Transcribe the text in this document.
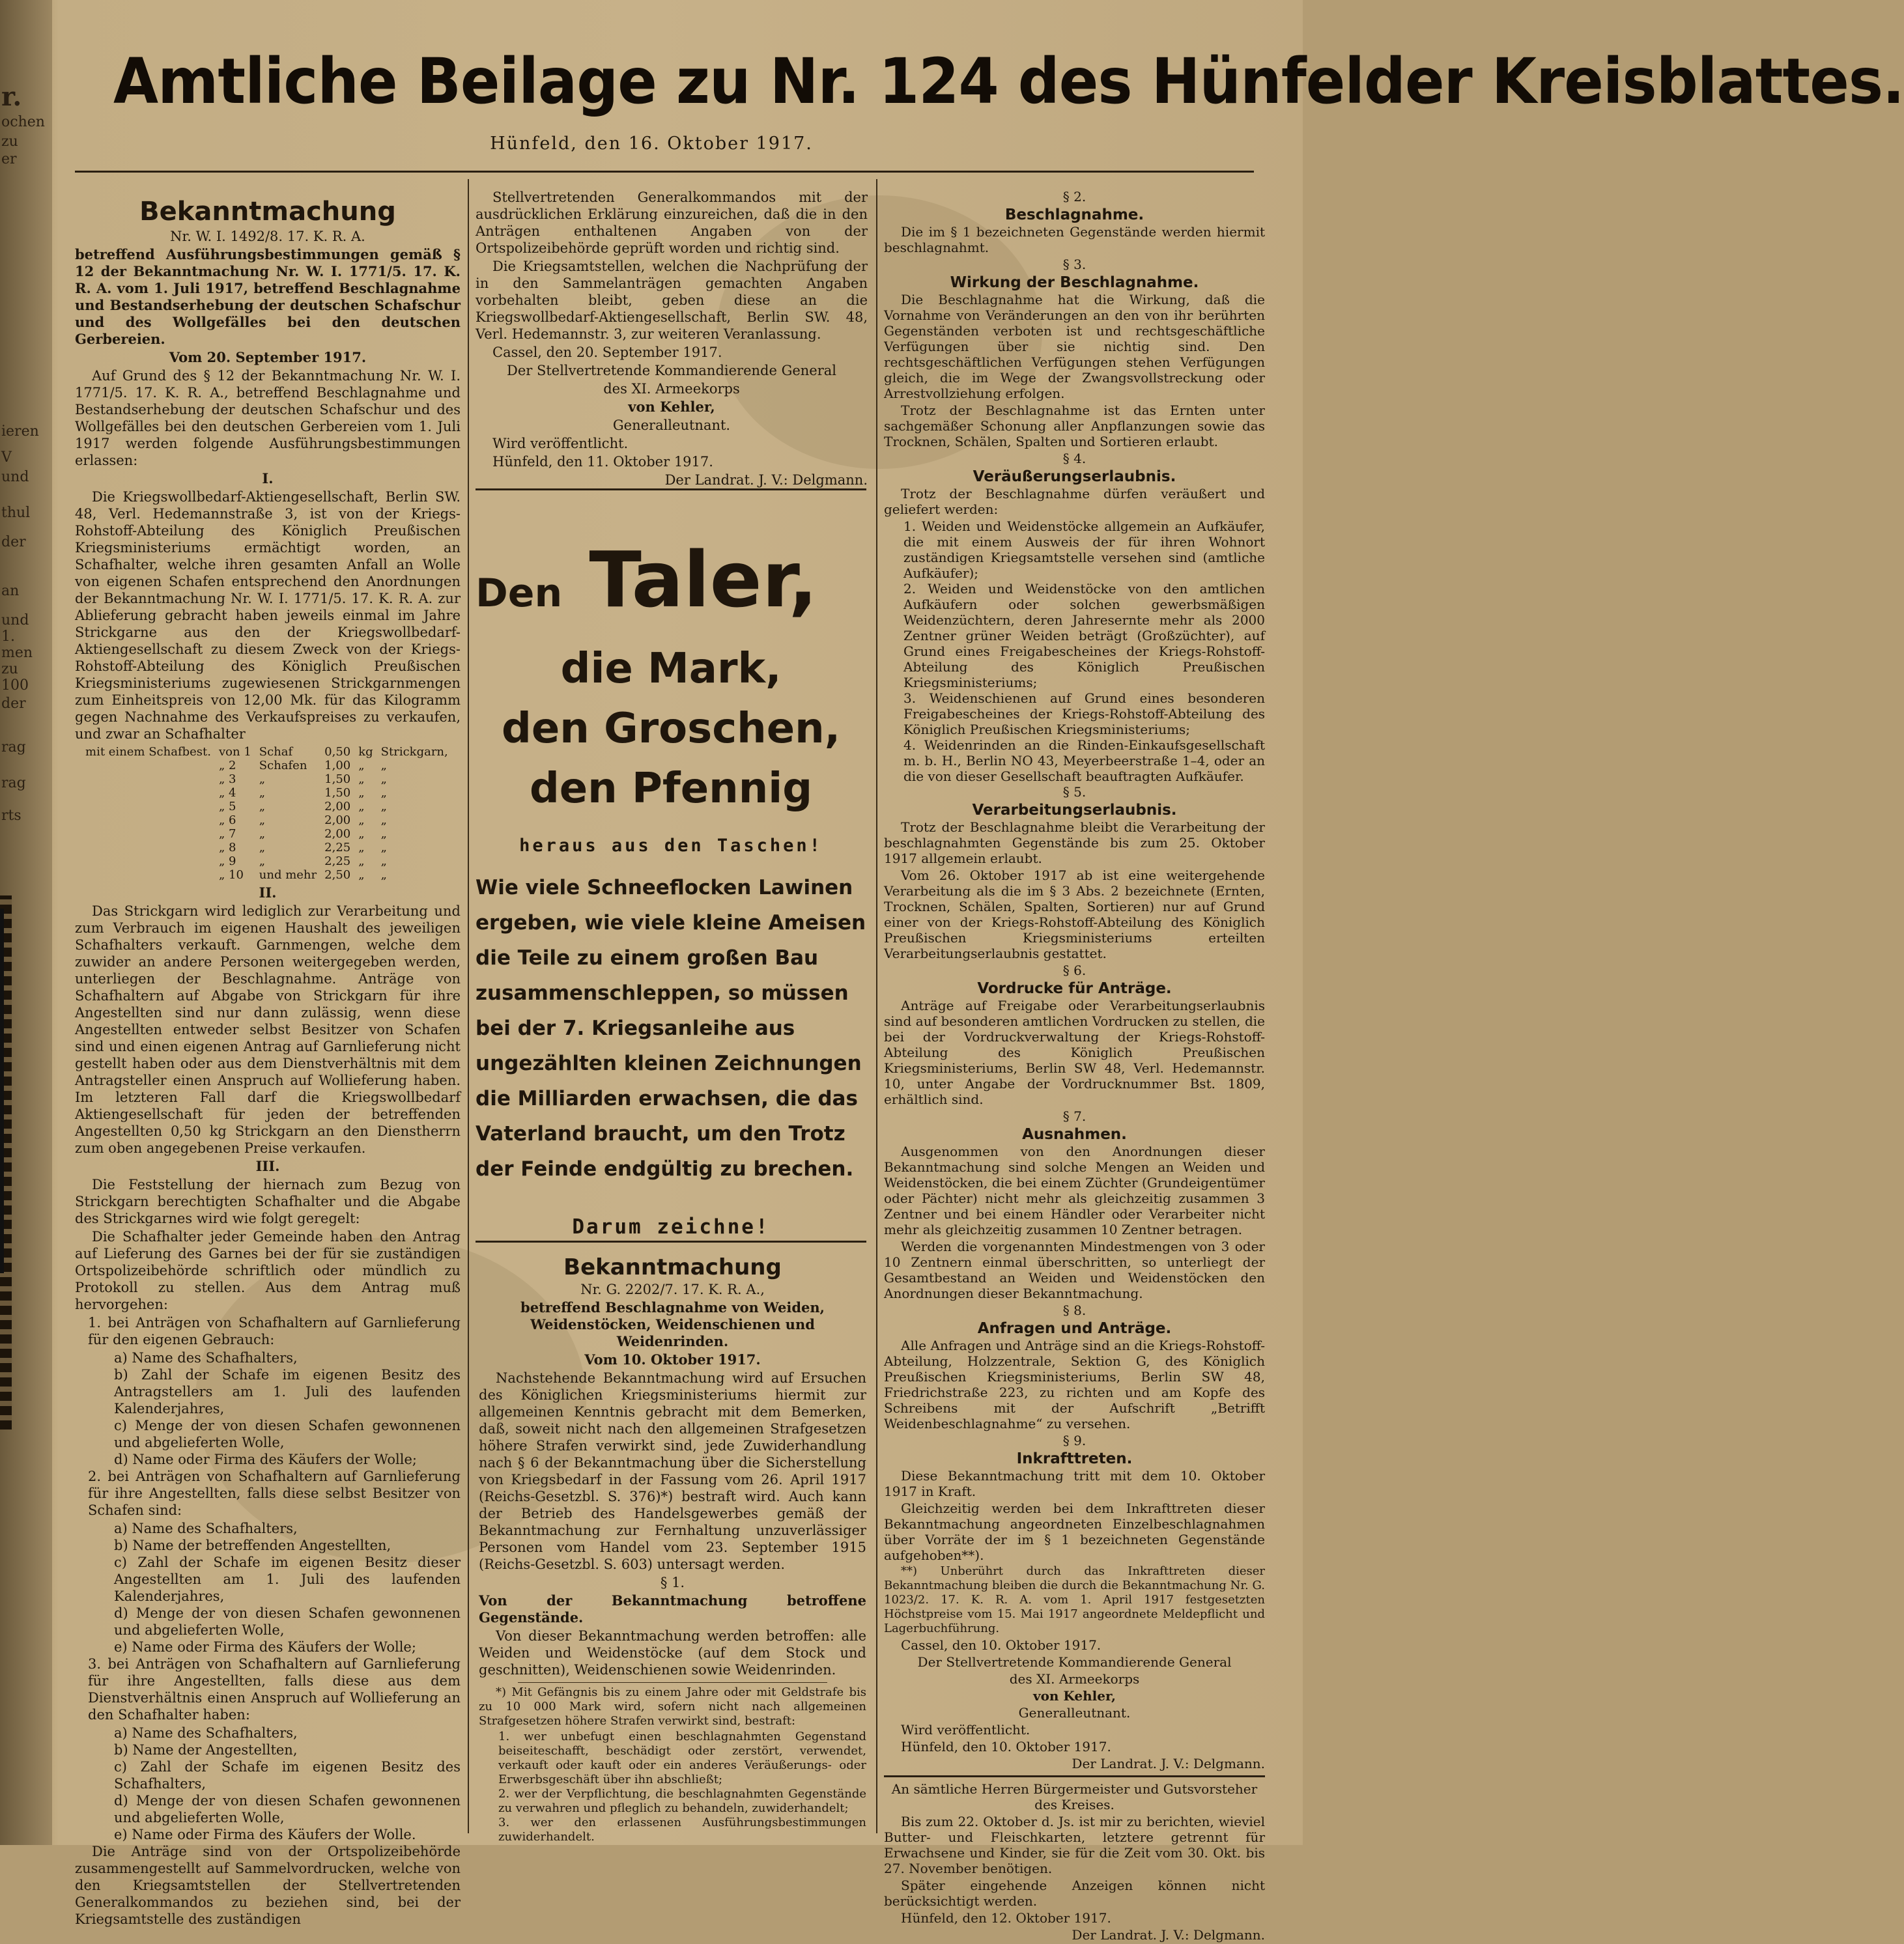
r.
ochen
zu
er
ieren
V
und
thul
der
an
und
1.
men
zu
100
der
rag
rag
rts
Amtliche Beilage zu Nr. 124 des Hünfelder Kreisblattes.
Hünfeld, den 16. Oktober 1917.
Bekanntmachung

Nr. W. I. 1492/8. 17. K. R. A.

betreffend Ausführungsbestimmungen gemäß § 12 der Bekanntmachung Nr. W. I. 1771/5. 17. K. R. A. vom 1. Juli 1917, betreffend Beschlagnahme und Bestandserhebung der deutschen Schafschur und des Wollgefälles bei den deutschen Gerbereien.

Vom 20. September 1917.

Auf Grund des § 12 der Bekanntmachung Nr. W. I. 1771/5. 17. K. R. A., betreffend Beschlagnahme und Bestandserhebung der deutschen Schafschur und des Wollgefälles bei den deutschen Gerbereien vom 1. Juli 1917 werden folgende Ausführungsbestimmungen erlassen:

I.

Die Kriegswollbedarf-Aktiengesellschaft, Berlin SW. 48, Verl. Hedemannstraße 3, ist von der Kriegs-Rohstoff-Abteilung des Königlich Preußischen Kriegsministeriums ermächtigt worden, an Schafhalter, welche ihren gesamten Anfall an Wolle von eigenen Schafen entsprechend den Anordnungen der Bekanntmachung Nr. W. I. 1771/5. 17. K. R. A. zur Ablieferung gebracht haben jeweils einmal im Jahre Strickgarne aus den der Kriegswollbedarf-Aktiengesellschaft zu diesem Zweck von der Kriegs-Rohstoff-Abteilung des Königlich Preußischen Kriegsministeriums zugewiesenen Strickgarnmengen zum Einheitspreis von 12,00 Mk. für das Kilogramm gegen Nachnahme des Verkaufspreises zu verkaufen, und zwar an Schafhalter

mit einem Schafbest.	von 1	Schaf	0,50	kg	Strickgarn,
	„ 2	Schafen	1,00	„	„
	„ 3	„	1,50	„	„
	„ 4	„	1,50	„	„
	„ 5	„	2,00	„	„
	„ 6	„	2,00	„	„
	„ 7	„	2,00	„	„
	„ 8	„	2,25	„	„
	„ 9	„	2,25	„	„
	„ 10	und mehr	2,50	„	„

II.

Das Strickgarn wird lediglich zur Verarbeitung und zum Verbrauch im eigenen Haushalt des jeweiligen Schafhalters verkauft. Garnmengen, welche dem zuwider an andere Personen weitergegeben werden, unterliegen der Beschlagnahme. Anträge von Schafhaltern auf Abgabe von Strickgarn für ihre Angestellten sind nur dann zulässig, wenn diese Angestellten entweder selbst Besitzer von Schafen sind und einen eigenen Antrag auf Garnlieferung nicht gestellt haben oder aus dem Dienstverhältnis mit dem Antragsteller einen Anspruch auf Wollieferung haben. Im letzteren Fall darf die Kriegswollbedarf Aktiengesellschaft für jeden der betreffenden Angestellten 0,50 kg Strickgarn an den Dienstherrn zum oben angegebenen Preise verkaufen.

III.

Die Feststellung der hiernach zum Bezug von Strickgarn berechtigten Schafhalter und die Abgabe des Strickgarnes wird wie folgt geregelt:

Die Schafhalter jeder Gemeinde haben den Antrag auf Lieferung des Garnes bei der für sie zuständigen Ortspolizeibehörde schriftlich oder mündlich zu Protokoll zu stellen. Aus dem Antrag muß hervorgehen:

1. bei Anträgen von Schafhaltern auf Garnlieferung für den eigenen Gebrauch:

a) Name des Schafhalters,
b) Zahl der Schafe im eigenen Besitz des Antragstellers am 1. Juli des laufenden Kalenderjahres,
c) Menge der von diesen Schafen gewonnenen und abgelieferten Wolle,
d) Name oder Firma des Käufers der Wolle;

2. bei Anträgen von Schafhaltern auf Garnlieferung für ihre Angestellten, falls diese selbst Besitzer von Schafen sind:

a) Name des Schafhalters,
b) Name der betreffenden Angestellten,
c) Zahl der Schafe im eigenen Besitz dieser Angestellten am 1. Juli des laufenden Kalenderjahres,
d) Menge der von diesen Schafen gewonnenen und abgelieferten Wolle,
e) Name oder Firma des Käufers der Wolle;

3. bei Anträgen von Schafhaltern auf Garnlieferung für ihre Angestellten, falls diese aus dem Dienstverhältnis einen Anspruch auf Wollieferung an den Schafhalter haben:

a) Name des Schafhalters,
b) Name der Angestellten,
c) Zahl der Schafe im eigenen Besitz des Schafhalters,
d) Menge der von diesen Schafen gewonnenen und abgelieferten Wolle,
e) Name oder Firma des Käufers der Wolle.

Die Anträge sind von der Ortspolizeibehörde zusammengestellt auf Sammelvordrucken, welche von den Kriegsamtstellen der Stellvertretenden Generalkommandos zu beziehen sind, bei der Kriegsamtstelle des zuständigen

Stellvertretenden Generalkommandos mit der ausdrücklichen Erklärung einzureichen, daß die in den Anträgen enthaltenen Angaben von der Ortspolizeibehörde geprüft worden und richtig sind.

Die Kriegsamtstellen, welchen die Nachprüfung der in den Sammelanträgen gemachten Angaben vorbehalten bleibt, geben diese an die Kriegswollbedarf-Aktiengesellschaft, Berlin SW. 48, Verl. Hedemannstr. 3, zur weiteren Veranlassung.

Cassel, den 20. September 1917.

Der Stellvertretende Kommandierende General

des XI. Armeekorps

von Kehler,

Generalleutnant.

Wird veröffentlicht.

Hünfeld, den 11. Oktober 1917.

Der Landrat. J. V.: Delgmann.

Den Taler,
die Mark,
den Groschen,
den Pfennig
heraus aus den Taschen!
Wie viele Schneeflocken Lawinen ergeben, wie viele kleine Ameisen die Teile zu einem großen Bau zusammenschleppen, so müssen bei der 7. Kriegsanleihe aus ungezählten kleinen Zeichnungen die Milliarden erwachsen, die das Vaterland braucht, um den Trotz der Feinde endgültig zu brechen.
Darum zeichne!
Bekanntmachung

Nr. G. 2202/7. 17. K. R. A.,

betreffend Beschlagnahme von Weiden, Weidenstöcken, Weidenschienen und Weidenrinden.

Vom 10. Oktober 1917.

Nachstehende Bekanntmachung wird auf Ersuchen des Königlichen Kriegsministeriums hiermit zur allgemeinen Kenntnis gebracht mit dem Bemerken, daß, soweit nicht nach den allgemeinen Strafgesetzen höhere Strafen verwirkt sind, jede Zuwiderhandlung nach § 6 der Bekanntmachung über die Sicherstellung von Kriegsbedarf in der Fassung vom 26. April 1917 (Reichs-Gesetzbl. S. 376)*) bestraft wird. Auch kann der Betrieb des Handelsgewerbes gemäß der Bekanntmachung zur Fernhaltung unzuverlässiger Personen vom Handel vom 23. September 1915 (Reichs-Gesetzbl. S. 603) untersagt werden.

§ 1.

Von der Bekanntmachung betroffene Gegenstände.

Von dieser Bekanntmachung werden betroffen: alle Weiden und Weidenstöcke (auf dem Stock und geschnitten), Weidenschienen sowie Weidenrinden.

*) Mit Gefängnis bis zu einem Jahre oder mit Geldstrafe bis zu 10 000 Mark wird, sofern nicht nach allgemeinen Strafgesetzen höhere Strafen verwirkt sind, bestraft:

1. wer unbefugt einen beschlagnahmten Gegenstand beiseiteschafft, beschädigt oder zerstört, verwendet, verkauft oder kauft oder ein anderes Veräußerungs- oder Erwerbsgeschäft über ihn abschließt;
2. wer der Verpflichtung, die beschlagnahmten Gegenstände zu verwahren und pfleglich zu behandeln, zuwiderhandelt;
3. wer den erlassenen Ausführungsbestimmungen zuwiderhandelt.

§ 2.

Beschlagnahme.

Die im § 1 bezeichneten Gegenstände werden hiermit beschlagnahmt.

§ 3.

Wirkung der Beschlagnahme.

Die Beschlagnahme hat die Wirkung, daß die Vornahme von Veränderungen an den von ihr berührten Gegenständen verboten ist und rechtsgeschäftliche Verfügungen über sie nichtig sind. Den rechtsgeschäftlichen Verfügungen stehen Verfügungen gleich, die im Wege der Zwangsvollstreckung oder Arrestvollziehung erfolgen.

Trotz der Beschlagnahme ist das Ernten unter sachgemäßer Schonung aller Anpflanzungen sowie das Trocknen, Schälen, Spalten und Sortieren erlaubt.

§ 4.

Veräußerungserlaubnis.

Trotz der Beschlagnahme dürfen veräußert und geliefert werden:

1. Weiden und Weidenstöcke allgemein an Aufkäufer, die mit einem Ausweis der für ihren Wohnort zuständigen Kriegsamtstelle versehen sind (amtliche Aufkäufer);
2. Weiden und Weidenstöcke von den amtlichen Aufkäufern oder solchen gewerbsmäßigen Weidenzüchtern, deren Jahresernte mehr als 2000 Zentner grüner Weiden beträgt (Großzüchter), auf Grund eines Freigabescheines der Kriegs-Rohstoff-Abteilung des Königlich Preußischen Kriegsministeriums;
3. Weidenschienen auf Grund eines besonderen Freigabescheines der Kriegs-Rohstoff-Abteilung des Königlich Preußischen Kriegsministeriums;
4. Weidenrinden an die Rinden-Einkaufsgesellschaft m. b. H., Berlin NO 43, Meyerbeerstraße 1–4, oder an die von dieser Gesellschaft beauftragten Aufkäufer.

§ 5.

Verarbeitungserlaubnis.

Trotz der Beschlagnahme bleibt die Verarbeitung der beschlagnahmten Gegenstände bis zum 25. Oktober 1917 allgemein erlaubt.

Vom 26. Oktober 1917 ab ist eine weitergehende Verarbeitung als die im § 3 Abs. 2 bezeichnete (Ernten, Trocknen, Schälen, Spalten, Sortieren) nur auf Grund einer von der Kriegs-Rohstoff-Abteilung des Königlich Preußischen Kriegsministeriums erteilten Verarbeitungserlaubnis gestattet.

§ 6.

Vordrucke für Anträge.

Anträge auf Freigabe oder Verarbeitungserlaubnis sind auf besonderen amtlichen Vordrucken zu stellen, die bei der Vordruckverwaltung der Kriegs-Rohstoff-Abteilung des Königlich Preußischen Kriegsministeriums, Berlin SW 48, Verl. Hedemannstr. 10, unter Angabe der Vordrucknummer Bst. 1809, erhältlich sind.

§ 7.

Ausnahmen.

Ausgenommen von den Anordnungen dieser Bekanntmachung sind solche Mengen an Weiden und Weidenstöcken, die bei einem Züchter (Grundeigentümer oder Pächter) nicht mehr als gleichzeitig zusammen 3 Zentner und bei einem Händler oder Verarbeiter nicht mehr als gleichzeitig zusammen 10 Zentner betragen.

Werden die vorgenannten Mindestmengen von 3 oder 10 Zentnern einmal überschritten, so unterliegt der Gesamtbestand an Weiden und Weidenstöcken den Anordnungen dieser Bekanntmachung.

§ 8.

Anfragen und Anträge.

Alle Anfragen und Anträge sind an die Kriegs-Rohstoff-Abteilung, Holzzentrale, Sektion G, des Königlich Preußischen Kriegsministeriums, Berlin SW 48, Friedrichstraße 223, zu richten und am Kopfe des Schreibens mit der Aufschrift „Betrifft Weidenbeschlagnahme“ zu versehen.

§ 9.

Inkrafttreten.

Diese Bekanntmachung tritt mit dem 10. Oktober 1917 in Kraft.

Gleichzeitig werden bei dem Inkrafttreten dieser Bekanntmachung angeordneten Einzelbeschlagnahmen über Vorräte der im § 1 bezeichneten Gegenstände aufgehoben**).

**) Unberührt durch das Inkrafttreten dieser Bekanntmachung bleiben die durch die Bekanntmachung Nr. G. 1023/2. 17. K. R. A. vom 1. April 1917 festgesetzten Höchstpreise vom 15. Mai 1917 angeordnete Meldepflicht und Lagerbuchführung.

Cassel, den 10. Oktober 1917.

Der Stellvertretende Kommandierende General

des XI. Armeekorps

von Kehler,

Generalleutnant.

Wird veröffentlicht.

Hünfeld, den 10. Oktober 1917.

Der Landrat. J. V.: Delgmann.

An sämtliche Herren Bürgermeister und Gutsvorsteher des Kreises.

Bis zum 22. Oktober d. Js. ist mir zu berichten, wieviel Butter- und Fleischkarten, letztere getrennt für Erwachsene und Kinder, sie für die Zeit vom 30. Okt. bis 27. November benötigen.

Später eingehende Anzeigen können nicht berücksichtigt werden.

Hünfeld, den 12. Oktober 1917.

Der Landrat. J. V.: Delgmann.
